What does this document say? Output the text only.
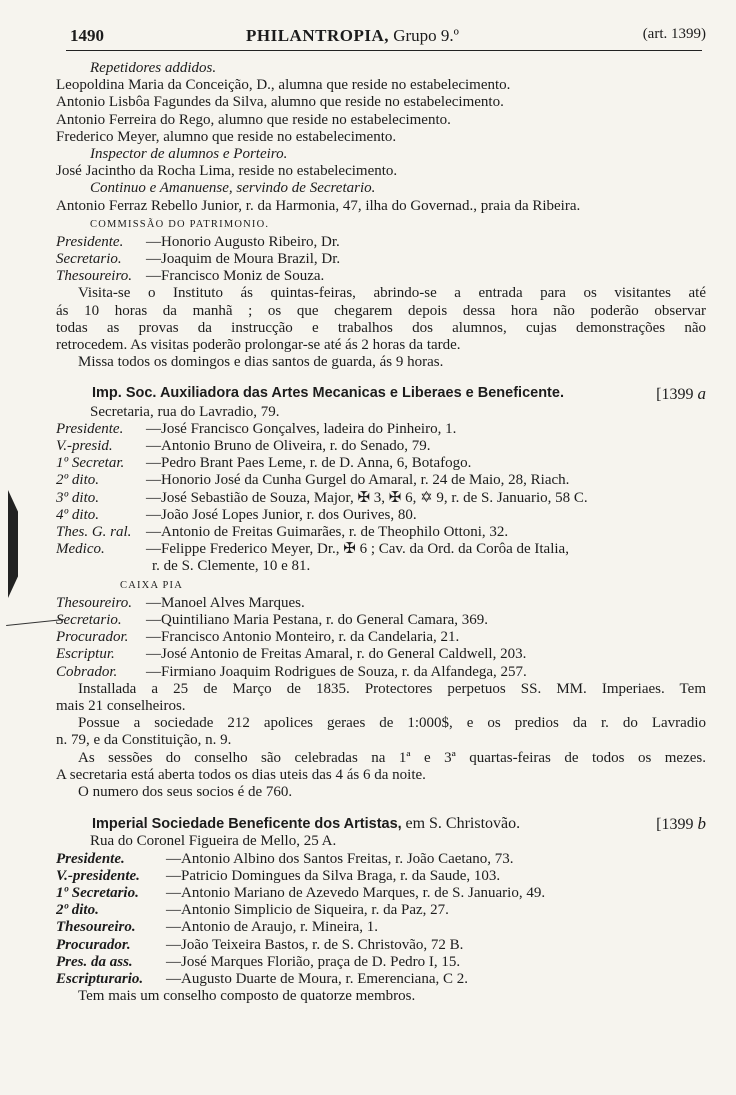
1490	PHILANTROPIA, Grupo 9.º	(art. 1399)
Repetidores addidos.
Leopoldina Maria da Conceição, D., alumna que reside no estabelecimento.
Antonio Lisbôa Fagundes da Silva, alumno que reside no estabelecimento.
Antonio Ferreira do Rego, alumno que reside no estabelecimento.
Frederico Meyer, alumno que reside no estabelecimento.
Inspector de alumnos e Porteiro.
José Jacintho da Rocha Lima, reside no estabelecimento.
Continuo e Amanuense, servindo de Secretario.
Antonio Ferraz Rebello Junior, r. da Harmonia, 47, ilha do Governad., praia da Ribeira.
COMMISSÃO DO PATRIMONIO.
Presidente. —Honorio Augusto Ribeiro, Dr.
Secretario. —Joaquim de Moura Brazil, Dr.
Thesoureiro. —Francisco Moniz de Souza.
Visita-se o Instituto ás quintas-feiras, abrindo-se a entrada para os visitantes até
ás 10 horas da manhã ; os que chegarem depois dessa hora não poderão observar
todas as provas da instrucção e trabalhos dos alumnos, cujas demonstrações não
retrocedem. As visitas poderão prolongar-se até ás 2 horas da tarde.
Missa todos os domingos e dias santos de guarda, ás 9 horas.
Imp. Soc. Auxiliadora das Artes Mecanicas e Liberaes e Beneficente.	[1399 a
Secretaria, rua do Lavradio, 79.
Presidente. —José Francisco Gonçalves, ladeira do Pinheiro, 1.
V.-presid. —Antonio Bruno de Oliveira, r. do Senado, 79.
1º Secretar. —Pedro Brant Paes Leme, r. de D. Anna, 6, Botafogo.
2º dito.	—Honorio José da Cunha Gurgel do Amaral, r. 24 de Maio, 28, Riach.
3º dito.	—José Sebastião de Souza, Major, ✠ 3, ✠ 6, ✡ 9, r. de S. Januario, 58 C.
4º dito.	—João José Lopes Junior, r. dos Ourives, 80.
Thes. G. ral. —Antonio de Freitas Guimarães, r. de Theophilo Ottoni, 32.
Medico.	—Felippe Frederico Meyer, Dr., ✠ 6 ; Cav. da Ord. da Corôa de Italia,
r. de S. Clemente, 10 e 81.
CAIXA PIA
Thesoureiro. —Manoel Alves Marques.
Secretario. —Quintiliano Maria Pestana, r. do General Camara, 369.
Procurador. —Francisco Antonio Monteiro, r. da Candelaria, 21.
Escriptur. —José Antonio de Freitas Amaral, r. do General Caldwell, 203.
Cobrador. —Firmiano Joaquim Rodrigues de Souza, r. da Alfandega, 257.
Installada a 25 de Março de 1835. Protectores perpetuos SS. MM. Imperiaes. Tem
mais 21 conselheiros.
Possue a sociedade 212 apolices geraes de 1:000$, e os predios da r. do Lavradio
n. 79, e da Constituição, n. 9.
As sessões do conselho são celebradas na 1ª e 3ª quartas-feiras de todos os mezes.
A secretaria está aberta todos os dias uteis das 4 ás 6 da noite.
O numero dos seus socios é de 760.
Imperial Sociedade Beneficente dos Artistas, em S. Christovão.	[1399 b
Rua do Coronel Figueira de Mello, 25 A.
Presidente.	—Antonio Albino dos Santos Freitas, r. João Caetano, 73.
V.-presidente. —Patricio Domingues da Silva Braga, r. da Saude, 103.
1º Secretario. —Antonio Mariano de Azevedo Marques, r. de S. Januario, 49.
2º dito.	—Antonio Simplicio de Siqueira, r. da Paz, 27.
Thesoureiro. —Antonio de Araujo, r. Mineira, 1.
Procurador. —João Teixeira Bastos, r. de S. Christovão, 72 B.
Pres. da ass. —José Marques Florião, praça de D. Pedro I, 15.
Escripturario. —Augusto Duarte de Moura, r. Emerenciana, C 2.
Tem mais um conselho composto de quatorze membros.
